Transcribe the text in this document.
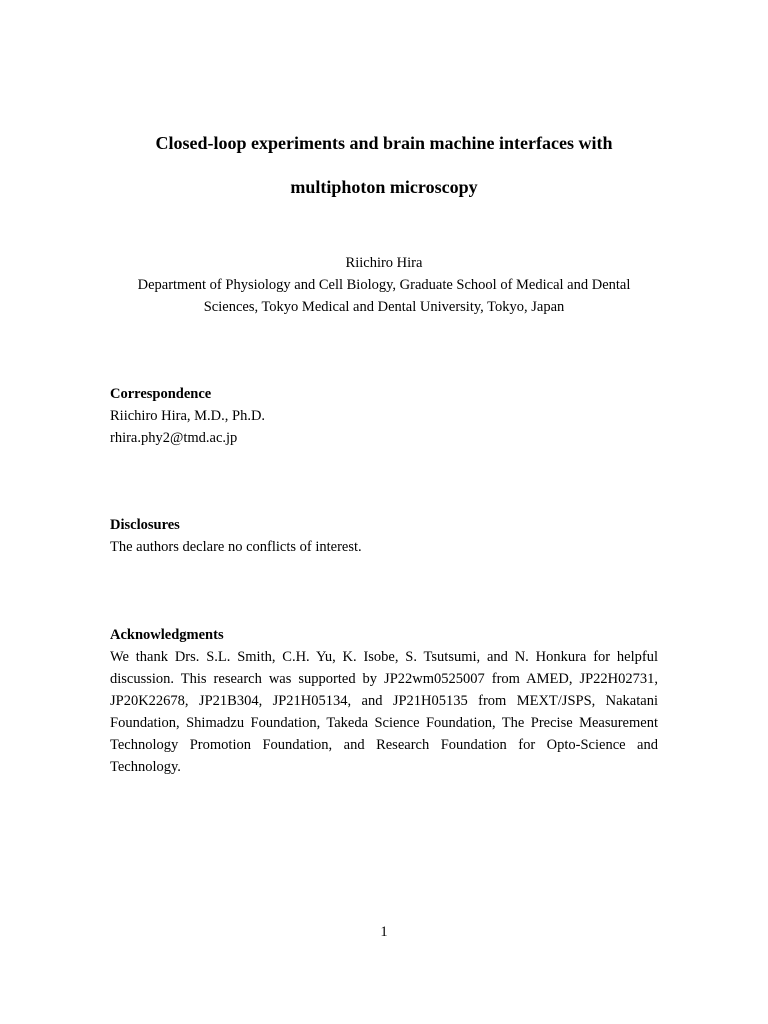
Closed-loop experiments and brain machine interfaces with

multiphoton microscopy

Riichiro Hira

Department of Physiology and Cell Biology, Graduate School of Medical and Dental

Sciences, Tokyo Medical and Dental University, Tokyo, Japan

Correspondence

Riichiro Hira, M.D., Ph.D.

rhira.phy2@tmd.ac.jp

Disclosures

The authors declare no conflicts of interest.

Acknowledgments

We thank Drs. S.L. Smith, C.H. Yu, K. Isobe, S. Tsutsumi, and N. Honkura for helpful discussion. This research was supported by JP22wm0525007 from AMED, JP22H02731, JP20K22678, JP21B304, JP21H05134, and JP21H05135 from MEXT/JSPS, Nakatani Foundation, Shimadzu Foundation, Takeda Science Foundation, The Precise Measurement Technology Promotion Foundation, and Research Foundation for Opto-Science and Technology.

1
